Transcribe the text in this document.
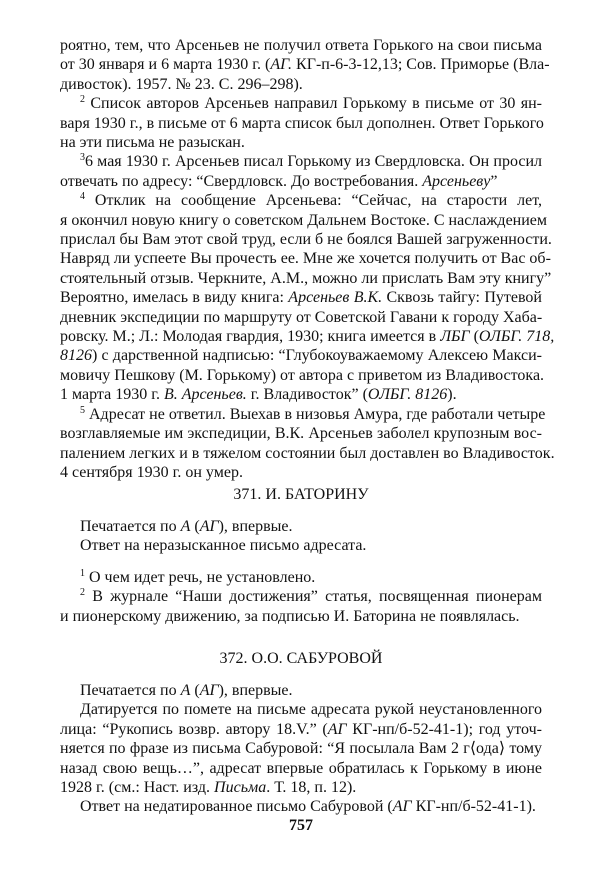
роятно, тем, что Арсеньев не получил ответа Горького на свои письма
от 30 января и 6 марта 1930 г. (АГ. КГ-п-6-3-12,13; Сов. Приморье (Вла-
дивосток). 1957. № 23. С. 296–298).
$^2$ Список авторов Арсеньев направил Горькому в письме от 30 ян-
варя 1930 г., в письме от 6 марта список был дополнен. Ответ Горького
на эти письма не разыскан.
$^3$6 мая 1930 г. Арсеньев писал Горькому из Свердловска. Он просил
отвечать по адресу: “Свердловск. До востребования. Арсеньеву”
$^4$ Отклик на сообщение Арсеньева: “Сейчас, на старости лет,
я окончил новую книгу о советском Дальнем Востоке. С наслаждением
прислал бы Вам этот свой труд, если б не боялся Вашей загруженности.
Навряд ли успеете Вы прочесть ее. Мне же хочется получить от Вас об-
стоятельный отзыв. Черкните, А.М., можно ли прислать Вам эту книгу”
Вероятно, имелась в виду книга: Арсеньев В.К. Сквозь тайгу: Путевой
дневник экспедиции по маршруту от Советской Гавани к городу Хаба-
ровску. М.; Л.: Молодая гвардия, 1930; книга имеется в ЛБГ (ОЛБГ. 718,
8126) с дарственной надписью: “Глубокоуважаемому Алексею Макси-
мовичу Пешкову (М. Горькому) от автора с приветом из Владивостока.
1 марта 1930 г. В. Арсеньев. г. Владивосток” (ОЛБГ. 8126).
$^5$ Адресат не ответил. Выехав в низовья Амура, где работали четыре
возглавляемые им экспедиции, В.К. Арсеньев заболел крупозным вос-
палением легких и в тяжелом состоянии был доставлен во Владивосток.
4 сентября 1930 г. он умер.
371. И. БАТОРИНУ
Печатается по А (АГ), впервые.
Ответ на неразысканное письмо адресата.
$^1$ О чем идет речь, не установлено.
$^2$ В журнале “Наши достижения” статья, посвященная пионерам
и пионерскому движению, за подписью И. Баторина не появлялась.
372. О.О. САБУРОВОЙ
Печатается по А (АГ), впервые.
Датируется по помете на письме адресата рукой неустановленного
лица: “Рукопись возвр. автору 18.V.” (АГ КГ-нп/б-52-41-1); год уточ-
няется по фразе из письма Сабуровой: “Я посылала Вам 2 г⟨ода⟩ тому
назад свою вещь…”, адресат впервые обратилась к Горькому в июне
1928 г. (см.: Наст. изд. Письма. Т. 18, п. 12).
Ответ на недатированное письмо Сабуровой (АГ КГ-нп/б-52-41-1).
757
